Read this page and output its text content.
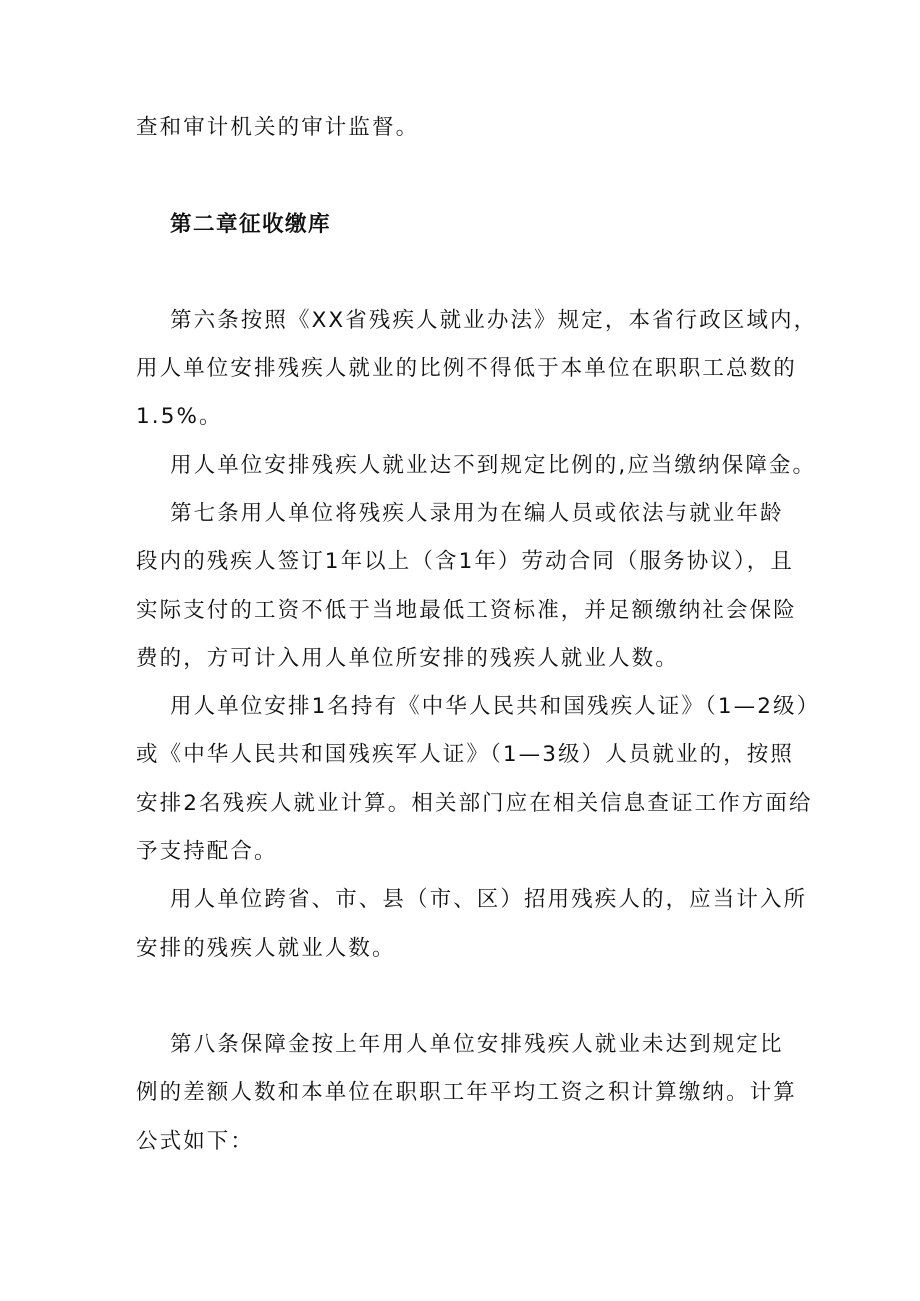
查和审计机关的审计监督。
第二章征收缴库
第六条按照《XX省残疾人就业办法》规定，本省行政区域内，
用人单位安排残疾人就业的比例不得低于本单位在职职工总数的
1.5%。
用人单位安排残疾人就业达不到规定比例的,应当缴纳保障金。
第七条用人单位将残疾人录用为在编人员或依法与就业年龄
段内的残疾人签订1年以上（含1年）劳动合同（服务协议），且
实际支付的工资不低于当地最低工资标准，并足额缴纳社会保险
费的，方可计入用人单位所安排的残疾人就业人数。
用人单位安排1名持有《中华人民共和国残疾人证》（1—2级）
或《中华人民共和国残疾军人证》（1—3级）人员就业的，按照
安排2名残疾人就业计算。相关部门应在相关信息查证工作方面给
予支持配合。
用人单位跨省、市、县（市、区）招用残疾人的，应当计入所
安排的残疾人就业人数。
第八条保障金按上年用人单位安排残疾人就业未达到规定比
例的差额人数和本单位在职职工年平均工资之积计算缴纳。计算
公式如下：
